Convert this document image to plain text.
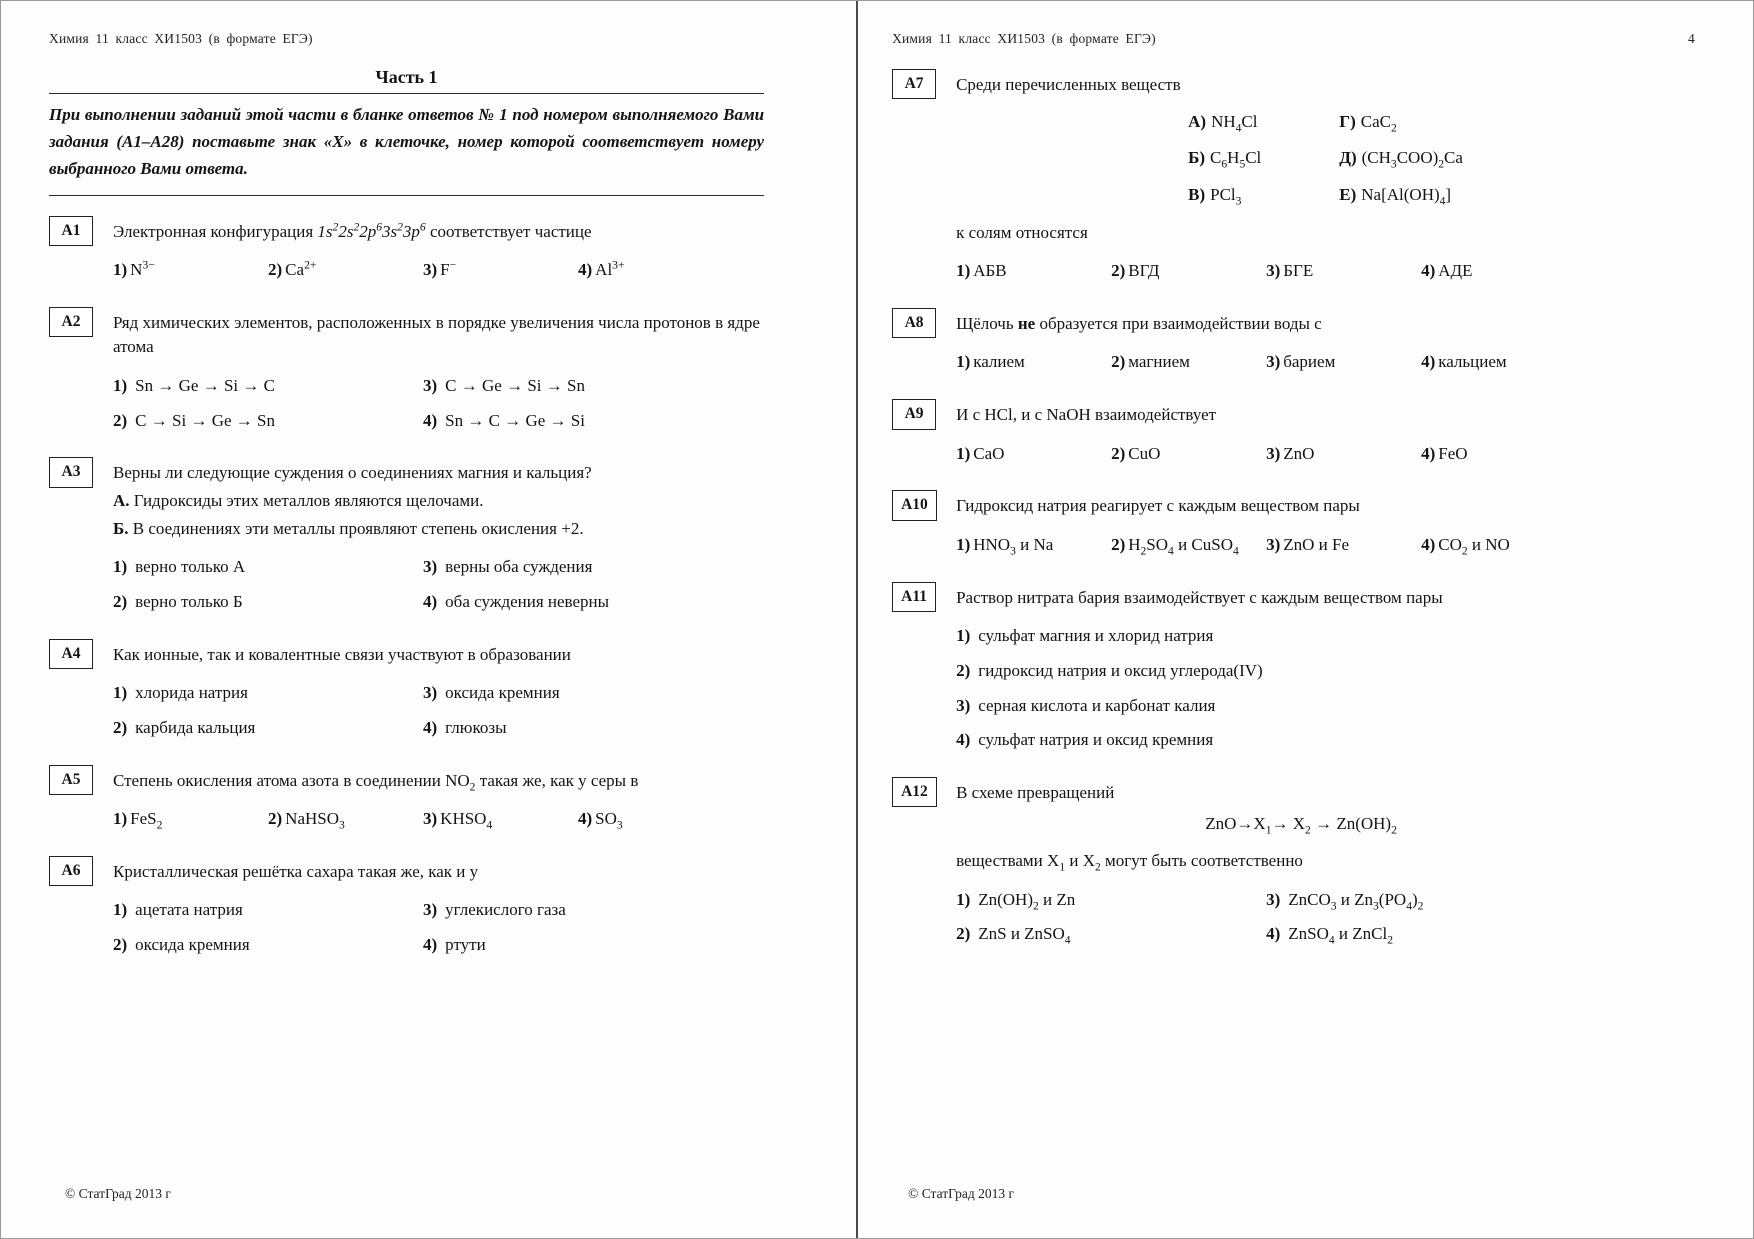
Химия 11 класс ХИ1503 (в формате ЕГЭ)
Часть 1
При выполнении заданий этой части в бланке ответов № 1 под номером выполняемого Вами задания (А1–А28) поставьте знак «Х» в клеточке, номер которой соответствует номеру выбранного Вами ответа.
А1	Электронная конфигурация $1s^22s^22p^63s^23p^6$ соответствует частице
1) $N^{3-}$	2) $Ca^{2+}$	3) F−	4) $Al^{3+}$
А2	Ряд химических элементов, расположенных в порядке увеличения числа протонов в ядре атома
1) Sn → Ge → Si → C
2) C → Si → Ge → Sn
3) C → Ge → Si → Sn
4) Sn → C → Ge → Si
А3	Верны ли следующие суждения о соединениях магния и кальция?
А. Гидроксиды этих металлов являются щелочами.
Б. В соединениях эти металлы проявляют степень окисления +2.
1) верно только А
2) верно только Б
3) верны оба суждения
4) оба суждения неверны
А4	Как ионные, так и ковалентные связи участвуют в образовании
1) хлорида натрия
2) карбида кальция
3) оксида кремния
4) глюкозы
А5	Степень окисления атома азота в соединении $NO_2$ такая же, как у серы в
1) FeS$_2$	2) NaHSO$_3$	3) $KHSO_4$	4) $SO_3$
А6	Кристаллическая решётка сахара такая же, как и у
1) ацетата натрия
2) оксида кремния
3) углекислого газа
4) ртути
© СтатГрад 2013 г
Химия 11 класс ХИ1503 (в формате ЕГЭ)	4
А7	Среди перечисленных веществ
А) $NH_4Cl$
Б) $C_6H_5Cl$
В) PCl$_3$
Г) CaC$_2$
Д) $(CH_3COO)_2Ca$
Е) $Na[Al(OH)_4]$
к солям относятся
1) АБВ	2) ВГД	3) БГЕ	4) АДЕ
А8	Щёлочь не образуется при взаимодействии воды с
1) калием	2) магнием	3) барием	4) кальцием
А9	И с HCl, и с NaOH взаимодействует
1) CaO	2) CuO	3) ZnO	4) FeO
А10	Гидроксид натрия реагирует с каждым веществом пары
1) $HNO_3$ и Na	2) $H_2SO_4$ и CuSO$_4$	3) ZnO и Fe	4) $CO_2$ и NO
А11	Раствор нитрата бария взаимодействует с каждым веществом пары
1) сульфат магния и хлорид натрия
2) гидроксид натрия и оксид углерода(IV)
3) серная кислота и карбонат калия
4) сульфат натрия и оксид кремния
А12	В схеме превращений
$ZnO\to X_1\to X_2 \to Zn(OH)_2$
веществами $X_1$ и $X_2$ могут быть соответственно
1) $Zn(OH)_2$ и Zn
2) ZnS и ZnSO$_4$
3) ZnCO$_3$ и $Zn_3(PO_4)_2$
4) ZnSO$_4$ и ZnCl$_2$
© СтатГрад 2013 г
